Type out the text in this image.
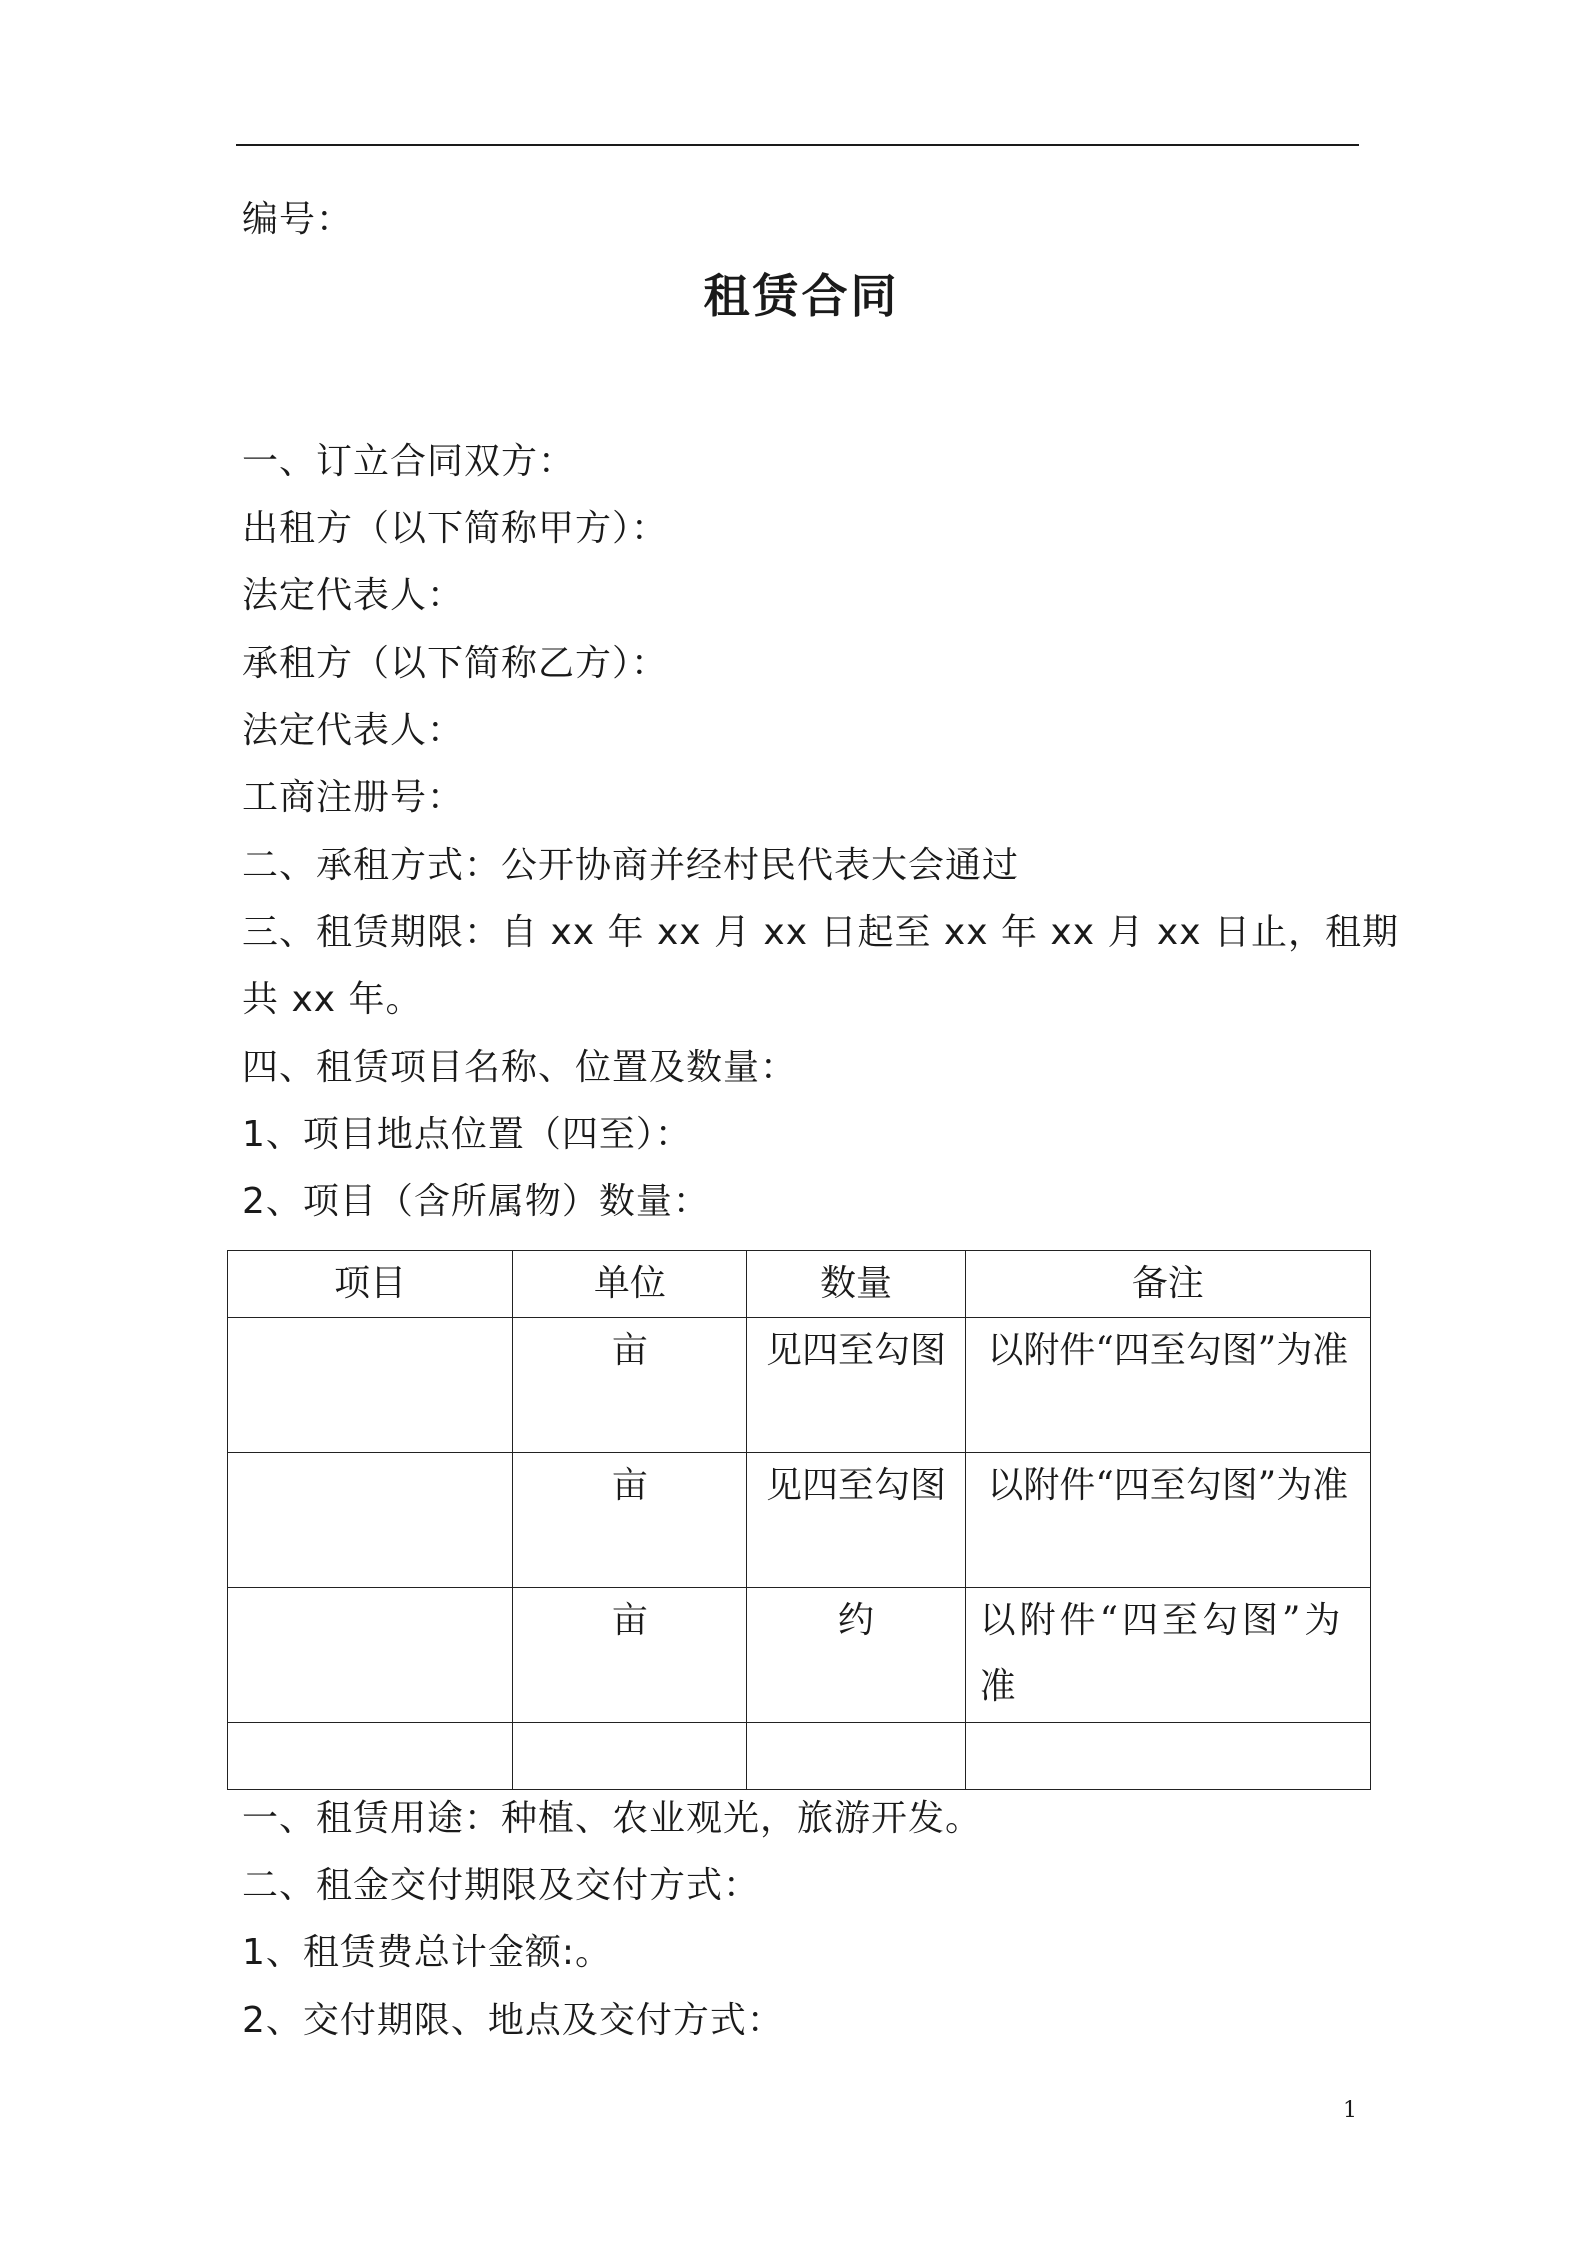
编号：
租赁合同
一、订立合同双方：
出租方（以下简称甲方）：
法定代表人：
承租方（以下简称乙方）：
法定代表人：
工商注册号：
二、承租方式：公开协商并经村民代表大会通过
三、租赁期限：自 xx 年 xx 月 xx 日起至 xx 年 xx 月 xx 日止，租期
共 xx 年。
四、租赁项目名称、位置及数量：
1、项目地点位置（四至）：
2、项目（含所属物）数量：
项目	单位	数量	备注
	亩	见四至勾图	以附件“四至勾图”为准
	亩	见四至勾图	以附件“四至勾图”为准
	亩	约	以附件“四至勾图”为准

一、租赁用途：种植、农业观光，旅游开发。
二、租金交付期限及交付方式：
1、租赁费总计金额:。
2、交付期限、地点及交付方式：
1
